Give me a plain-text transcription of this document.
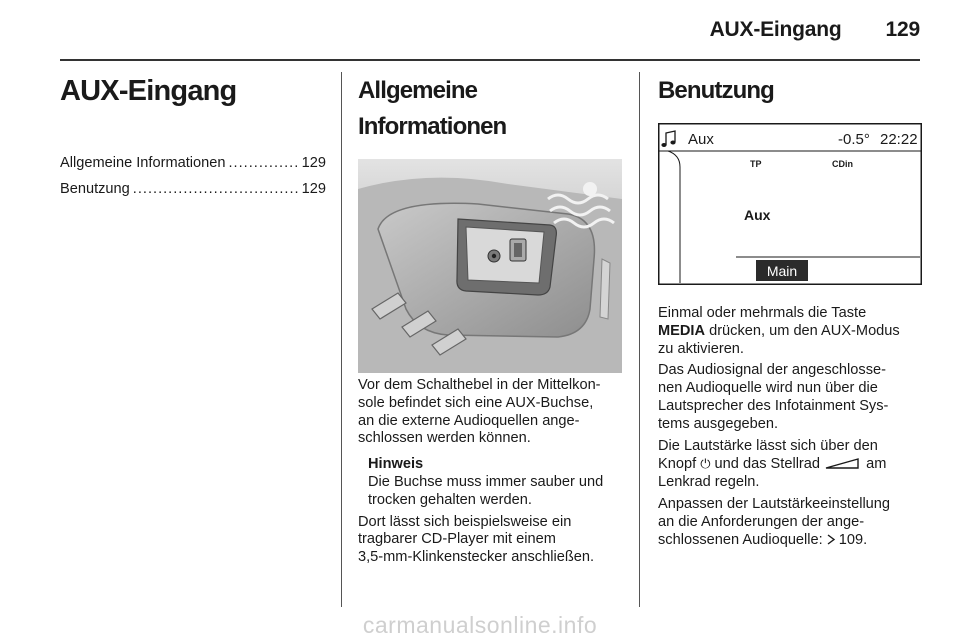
AUX-Eingang 129
AUX-Eingang
Allgemeine Informationen .....	129
Benutzung .....	129
Allgemeine Informationen

Vor dem Schalthebel in der Mittelkon-
sole befindet sich eine AUX-Buchse,
an die externe Audioquellen ange-
schlossen werden können.

Hinweis

Die Buchse muss immer sauber und
trocken gehalten werden.

Dort lässt sich beispielsweise ein
tragbarer CD-Player mit einem
3,5-mm-Klinkenstecker anschließen.

Benutzung
Aux	-0.5° 22:22
TP	CDin
Aux
Main

Einmal oder mehrmals die Taste
MEDIA drücken, um den AUX-Modus
zu aktivieren.

Das Audiosignal der angeschlosse-
nen Audioquelle wird nun über die
Lautsprecher des Infotainment Sys-
tems ausgegeben.

Die Lautstärke lässt sich über den
Knopf ⏻ und das Stellrad	am
Lenkrad regeln.

Anpassen der Lautstärkeeinstellung
an die Anforderungen der ange-
schlossenen Audioquelle: 109.

carmanualsonline.info
